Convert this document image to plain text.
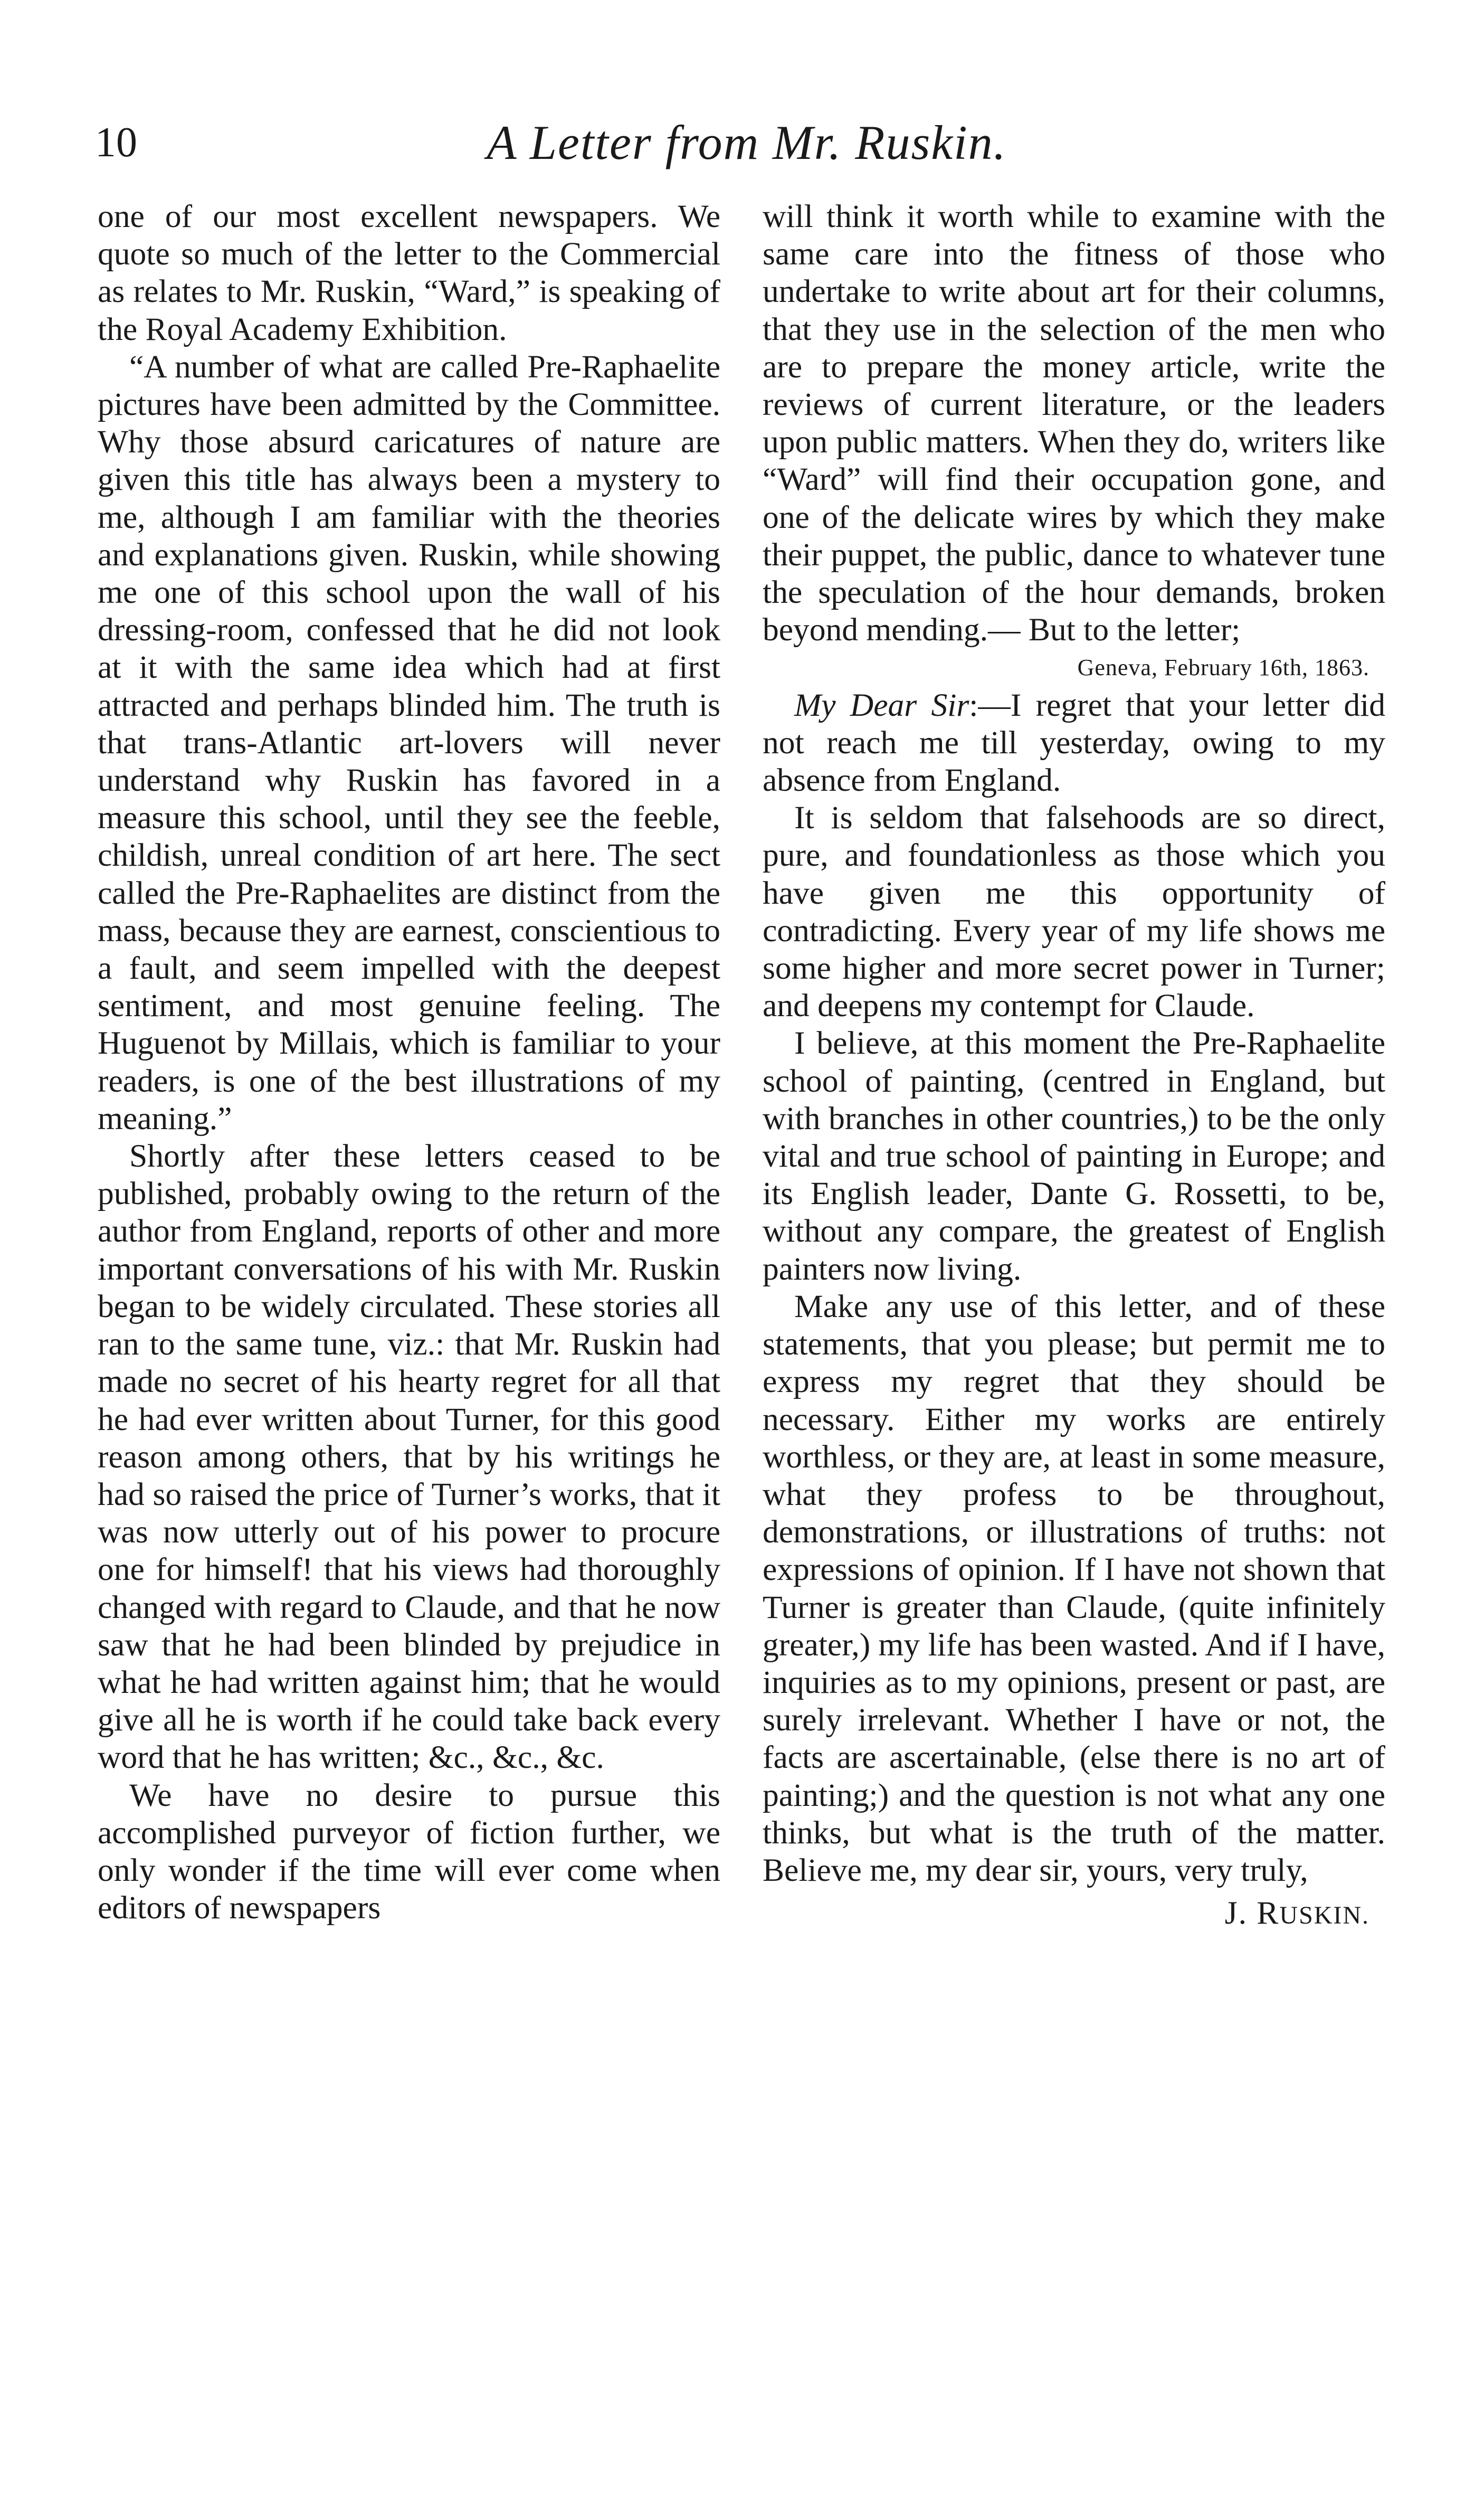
10	A Letter from Mr. Ruskin.

one of our most excellent newspapers. We quote so much of the letter to the Commercial as relates to Mr. Ruskin, “Ward,” is speaking of the Royal Academy Exhibition.

“A number of what are called Pre-Raphaelite pictures have been admitted by the Committee. Why those absurd caricatures of nature are given this title has always been a mystery to me, although I am familiar with the theories and explanations given. Ruskin, while showing me one of this school upon the wall of his dressing-room, confessed that he did not look at it with the same idea which had at first attracted and perhaps blinded him. The truth is that trans-Atlantic art-lovers will never understand why Ruskin has favored in a measure this school, until they see the feeble, childish, unreal condition of art here. The sect called the Pre-Raphaelites are distinct from the mass, because they are earnest, conscientious to a fault, and seem impelled with the deepest sentiment, and most genuine feeling. The Huguenot by Millais, which is familiar to your readers, is one of the best illustrations of my meaning.”

Shortly after these letters ceased to be published, probably owing to the return of the author from England, reports of other and more important conversations of his with Mr. Ruskin began to be widely circulated. These stories all ran to the same tune, viz.: that Mr. Ruskin had made no secret of his hearty regret for all that he had ever written about Turner, for this good reason among others, that by his writings he had so raised the price of Turner’s works, that it was now utterly out of his power to procure one for himself! that his views had thoroughly changed with regard to Claude, and that he now saw that he had been blinded by prejudice in what he had written against him; that he would give all he is worth if he could take back every word that he has written; &c., &c., &c.

We have no desire to pursue this accomplished purveyor of fiction further, we only wonder if the time will ever come when editors of newspapers

will think it worth while to examine with the same care into the fitness of those who undertake to write about art for their columns, that they use in the selection of the men who are to prepare the money article, write the reviews of current literature, or the leaders upon public matters. When they do, writers like “Ward” will find their occupation gone, and one of the delicate wires by which they make their puppet, the public, dance to whatever tune the speculation of the hour demands, broken beyond mending.— But to the letter;

Geneva, February 16th, 1863.

My Dear Sir:—I regret that your letter did not reach me till yesterday, owing to my absence from England.

It is seldom that falsehoods are so direct, pure, and foundationless as those which you have given me this opportunity of contradicting. Every year of my life shows me some higher and more secret power in Turner; and deepens my contempt for Claude.

I believe, at this moment the Pre-Raphaelite school of painting, (centred in England, but with branches in other countries,) to be the only vital and true school of painting in Europe; and its English leader, Dante G. Rossetti, to be, without any compare, the greatest of English painters now living.

Make any use of this letter, and of these statements, that you please; but permit me to express my regret that they should be necessary. Either my works are entirely worthless, or they are, at least in some measure, what they profess to be throughout, demonstrations, or illustrations of truths: not expressions of opinion. If I have not shown that Turner is greater than Claude, (quite infinitely greater,) my life has been wasted. And if I have, inquiries as to my opinions, present or past, are surely irrelevant. Whether I have or not, the facts are ascertainable, (else there is no art of painting;) and the question is not what any one thinks, but what is the truth of the matter. Believe me, my dear sir, yours, very truly,

J. RUSKIN.
